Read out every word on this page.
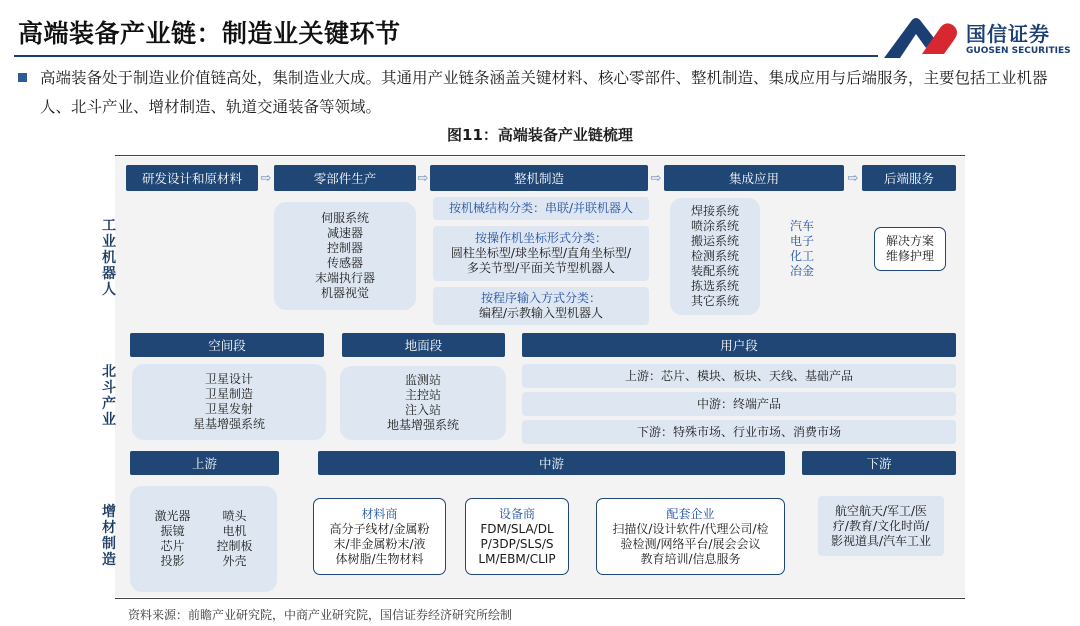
高端装备产业链：制造业关键环节	国信证券
GUOSEN SECURITIES
高端装备处于制造业价值链高处，集制造业大成。其通用产业链条涵盖关键材料、核心零部件、整机制造、集成应用与后端服务，主要包括工业机器人、北斗产业、增材制造、轨道交通装备等领域。
图11：高端装备产业链梳理
研发设计和原材料	⇨	零部件生产	⇨	整机制造	⇨	集成应用	⇨	后端服务
工业机器人
伺服系统
减速器
控制器
传感器
末端执行器
机器视觉
按机械结构分类：串联/并联机器人
按操作机坐标形式分类：
圆柱坐标型/球坐标型/直角坐标型/
多关节型/平面关节型机器人
按程序输入方式分类：
编程/示教输入型机器人
焊接系统
喷涂系统
搬运系统
检测系统
装配系统
拣选系统
其它系统
汽车
电子
化工
冶金
解决方案
维修护理
北斗产业
空间段	地面段	用户段
卫星设计
卫星制造
卫星发射
星基增强系统
监测站
主控站
注入站
地基增强系统
上游：芯片、模块、板块、天线、基础产品
中游：终端产品
下游：特殊市场、行业市场、消费市场
增材制造
上游	中游	下游
激光器	喷头
振镜	电机
芯片	控制板
投影	外壳
材料商
高分子线材/金属粉
末/非金属粉末/液
体树脂/生物材料
设备商
FDM/SLA/DL
P/3DP/SLS/S
LM/EBM/CLIP
配套企业
扫描仪/设计软件/代理公司/检
验检测/网络平台/展会会议
教育培训/信息服务
航空航天/军工/医
疗/教育/文化时尚/
影视道具/汽车工业
资料来源：前瞻产业研究院，中商产业研究院，国信证券经济研究所绘制
